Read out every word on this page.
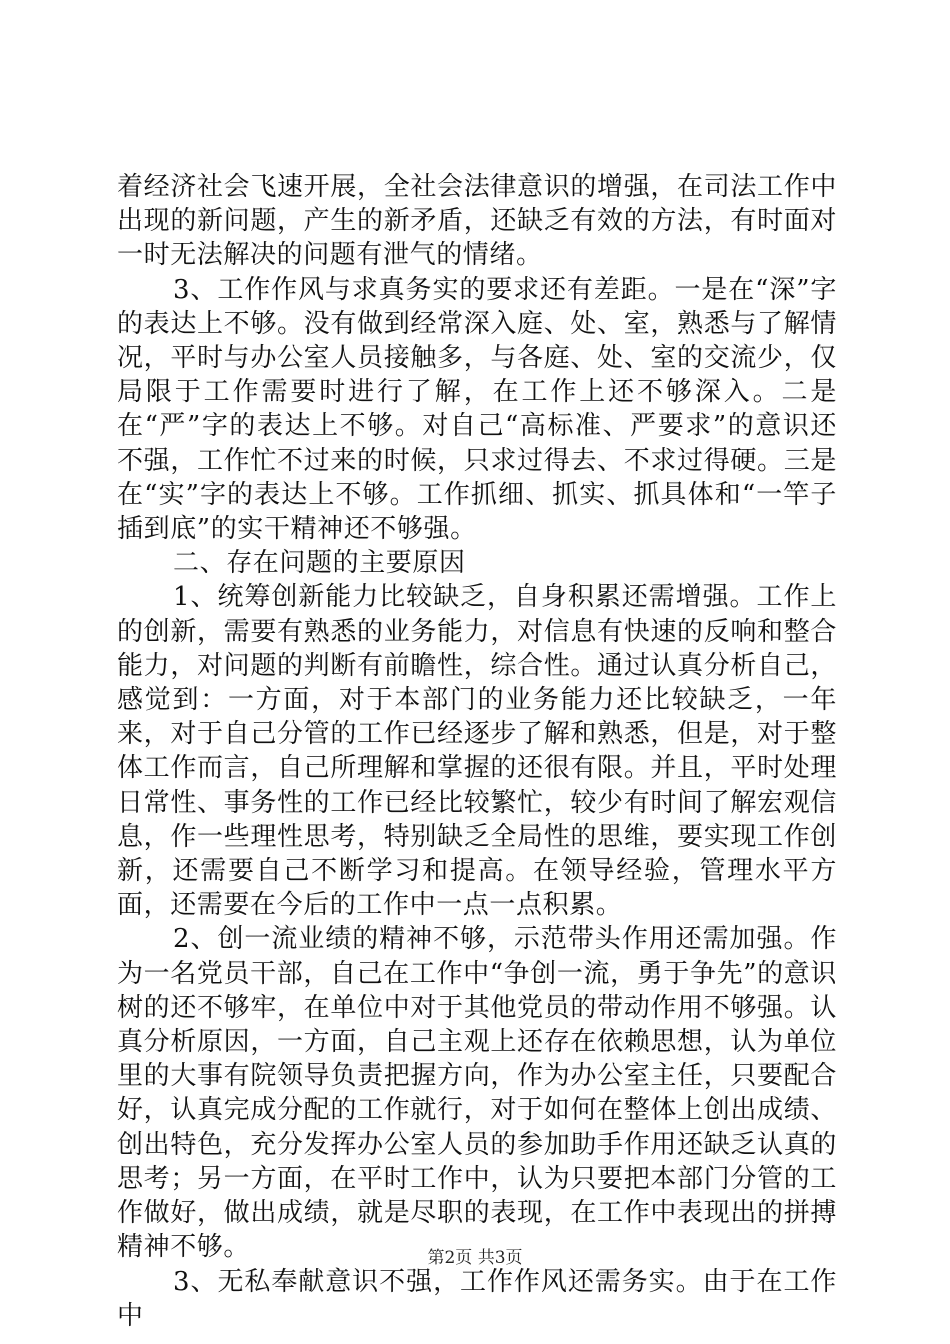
着经济社会飞速开展，全社会法律意识的增强，在司法工作中出现的新问题，产生的新矛盾，还缺乏有效的方法，有时面对一时无法解决的问题有泄气的情绪。

3、工作作风与求真务实的要求还有差距。一是在“深”字的表达上不够。没有做到经常深入庭、处、室，熟悉与了解情况，平时与办公室人员接触多，与各庭、处、室的交流少，仅局限于工作需要时进行了解，在工作上还不够深入。二是在“严”字的表达上不够。对自己“高标准、严要求”的意识还不强，工作忙不过来的时候，只求过得去、不求过得硬。三是在“实”字的表达上不够。工作抓细、抓实、抓具体和“一竿子插到底”的实干精神还不够强。

二、存在问题的主要原因

1、统筹创新能力比较缺乏，自身积累还需增强。工作上的创新，需要有熟悉的业务能力，对信息有快速的反响和整合能力，对问题的判断有前瞻性，综合性。通过认真分析自己，感觉到：一方面，对于本部门的业务能力还比较缺乏，一年来，对于自己分管的工作已经逐步了解和熟悉，但是，对于整体工作而言，自己所理解和掌握的还很有限。并且，平时处理日常性、事务性的工作已经比较繁忙，较少有时间了解宏观信息，作一些理性思考，特别缺乏全局性的思维，要实现工作创新，还需要自己不断学习和提高。在领导经验，管理水平方面，还需要在今后的工作中一点一点积累。

2、创一流业绩的精神不够，示范带头作用还需加强。作为一名党员干部，自己在工作中“争创一流，勇于争先”的意识树的还不够牢，在单位中对于其他党员的带动作用不够强。认真分析原因，一方面，自己主观上还存在依赖思想，认为单位里的大事有院领导负责把握方向，作为办公室主任，只要配合好，认真完成分配的工作就行，对于如何在整体上创出成绩、创出特色，充分发挥办公室人员的参加助手作用还缺乏认真的思考；另一方面，在平时工作中，认为只要把本部门分管的工作做好，做出成绩，就是尽职的表现，在工作中表现出的拼搏精神不够。

3、无私奉献意识不强，工作作风还需务实。由于在工作中

第2页 共3页
